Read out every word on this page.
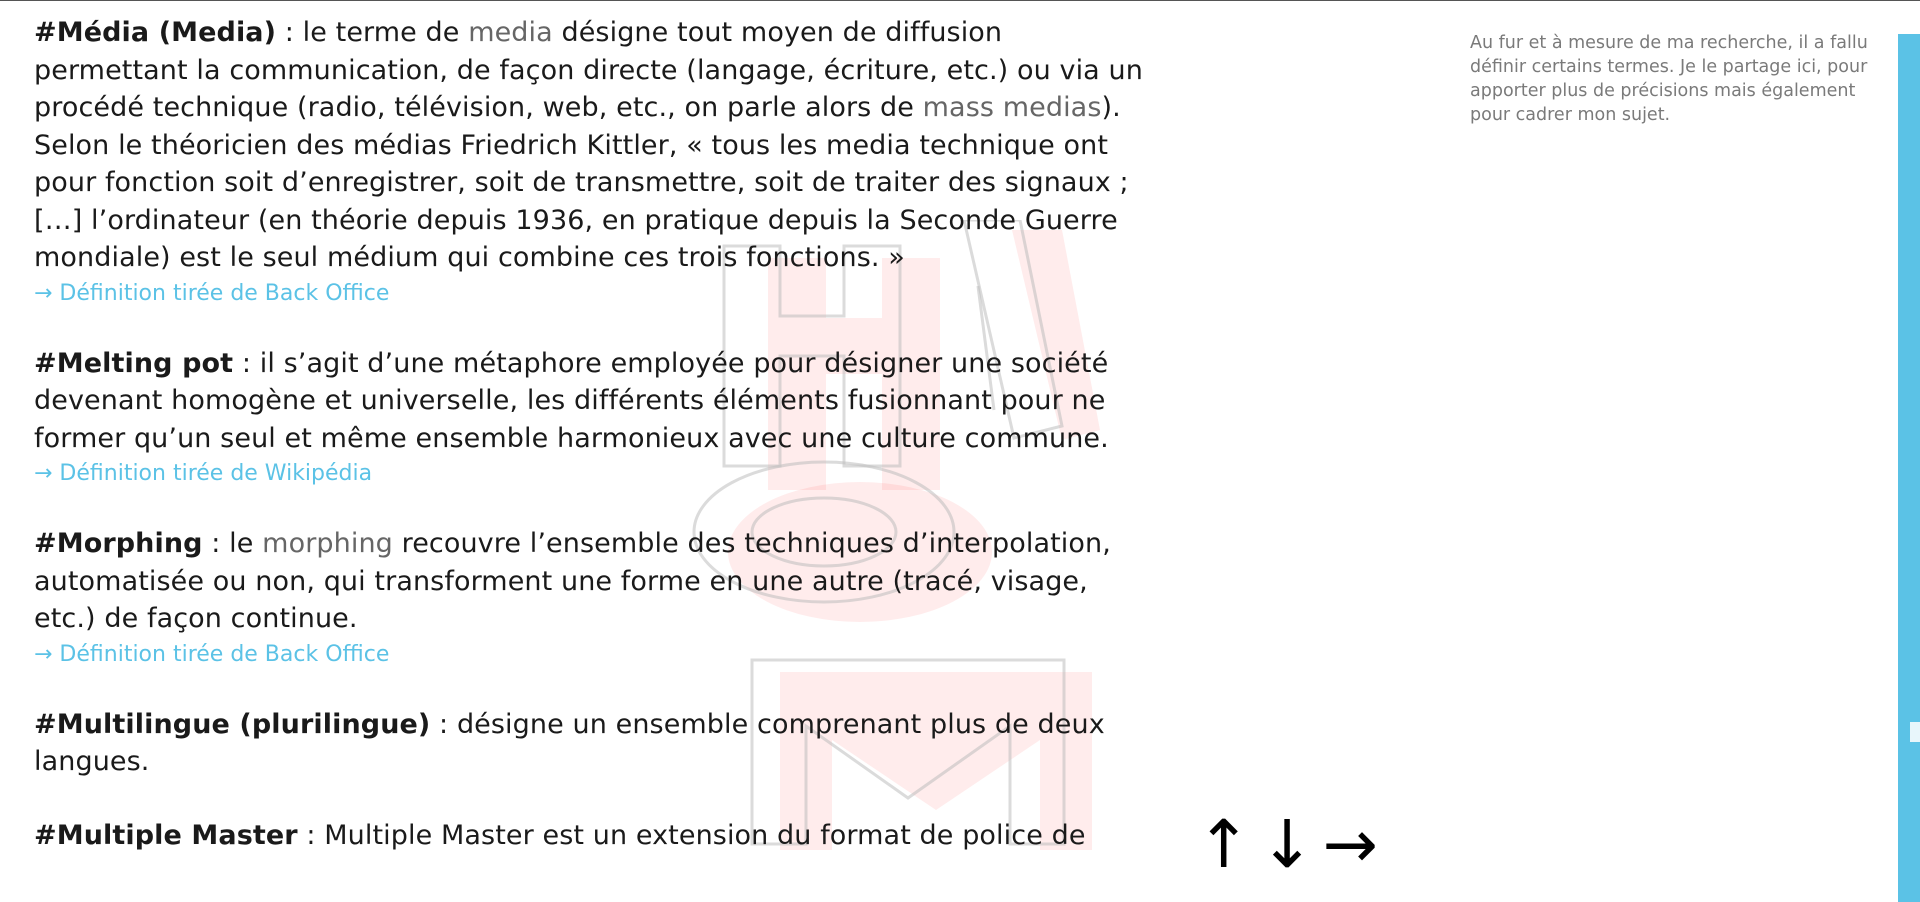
#Média (Media) : le terme de media désigne tout moyen de diffusion permettant la communication, de façon directe (langage, écriture, etc.) ou via un procédé technique (radio, télévision, web, etc., on parle alors de mass medias). Selon le théoricien des médias Friedrich Kittler, « tous les media technique ont pour fonction soit d’enregistrer, soit de transmettre, soit de traiter des signaux ; […] l’ordinateur (en théorie depuis 1936, en pratique depuis la Seconde Guerre mondiale) est le seul médium qui combine ces trois fonctions. »

→ Définition tirée de Back Office

#Melting pot : il s’agit d’une métaphore employée pour désigner une société devenant homogène et universelle, les différents éléments fusionnant pour ne former qu’un seul et même ensemble harmonieux avec une culture commune.

→ Définition tirée de Wikipédia

#Morphing : le morphing recouvre l’ensemble des techniques d’interpolation, automatisée ou non, qui transforment une forme en une autre (tracé, visage, etc.) de façon continue.

→ Définition tirée de Back Office

#Multilingue (plurilingue) : désigne un ensemble comprenant plus de deux langues.

#Multiple Master : Multiple Master est un extension du format de police de

Au fur et à mesure de ma recherche, il a fallu définir certains termes. Je le partage ici, pour apporter plus de précisions mais également pour cadrer mon sujet.

↑ ↓ →
